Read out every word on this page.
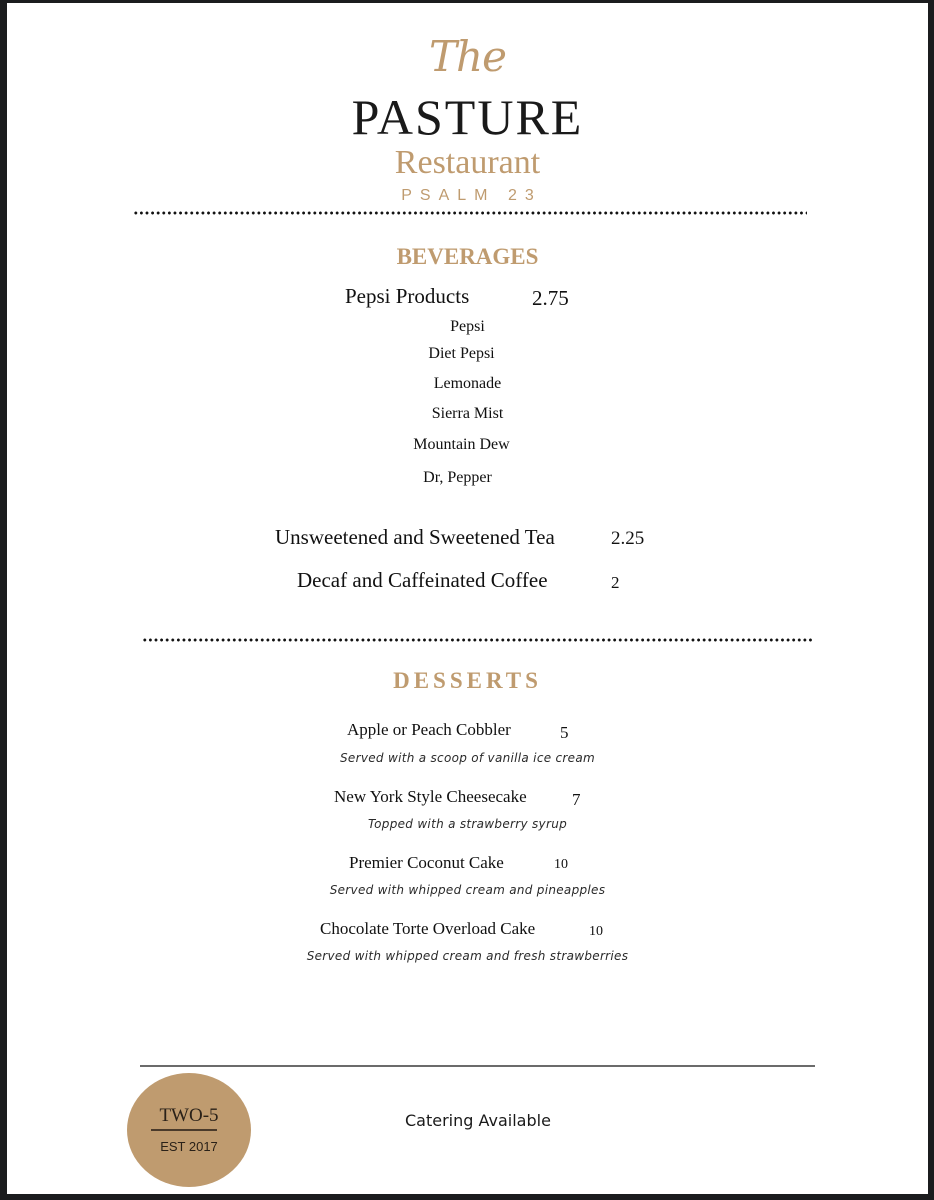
The
PASTURE
Restaurant
PSALM 23
BEVERAGES
Pepsi Products	2.75
Pepsi
Diet Pepsi
Lemonade
Sierra Mist
Mountain Dew
Dr, Pepper
Unsweetened and Sweetened Tea	2.25
Decaf and Caffeinated Coffee	2
DESSERTS
Apple or Peach Cobbler	5
Served with a scoop of vanilla ice cream
New York Style Cheesecake	7
Topped with a strawberry syrup
Premier Coconut Cake	10
Served with whipped cream and pineapples
Chocolate Torte Overload Cake	10
Served with whipped cream and fresh strawberries
TWO-5
EST 2017
Catering Available
